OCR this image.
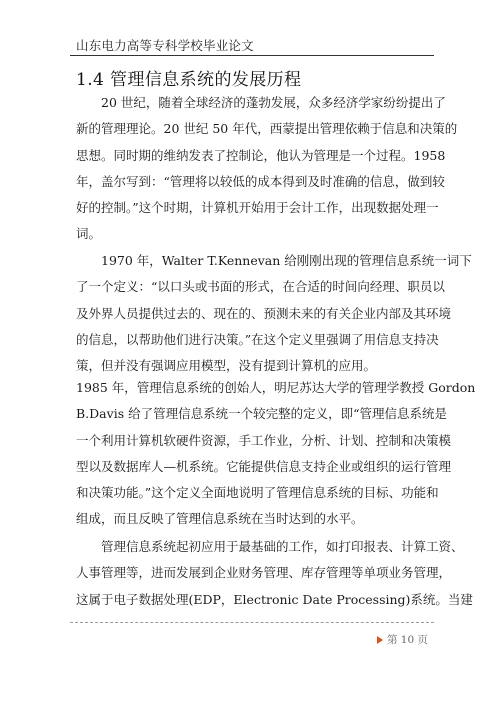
山东电力高等专科学校毕业论文
1.4 管理信息系统的发展历程
20 世纪，随着全球经济的蓬勃发展，众多经济学家纷纷提出了
新的管理理论。20 世纪 50 年代，西蒙提出管理依赖于信息和决策的
思想。同时期的维纳发表了控制论，他认为管理是一个过程。1958
年，盖尔写到：“管理将以较低的成本得到及时准确的信息，做到较
好的控制。”这个时期，计算机开始用于会计工作，出现数据处理一
词。
1970 年，Walter T.Kennevan 给刚刚出现的管理信息系统一词下
了一个定义：“以口头或书面的形式，在合适的时间向经理、职员以
及外界人员提供过去的、现在的、预测未来的有关企业内部及其环境
的信息，以帮助他们进行决策。”在这个定义里强调了用信息支持决
策，但并没有强调应用模型，没有提到计算机的应用。
1985 年，管理信息系统的创始人，明尼苏达大学的管理学教授 Gordon
B.Davis 给了管理信息系统一个较完整的定义，即“管理信息系统是
一个利用计算机软硬件资源，手工作业，分析、计划、控制和决策模
型以及数据库人—机系统。它能提供信息支持企业或组织的运行管理
和决策功能。”这个定义全面地说明了管理信息系统的目标、功能和
组成，而且反映了管理信息系统在当时达到的水平。
管理信息系统起初应用于最基础的工作，如打印报表、计算工资、
人事管理等，进而发展到企业财务管理、库存管理等单项业务管理，
这属于电子数据处理(EDP，Electronic Date Processing)系统。当建
第 10 页
